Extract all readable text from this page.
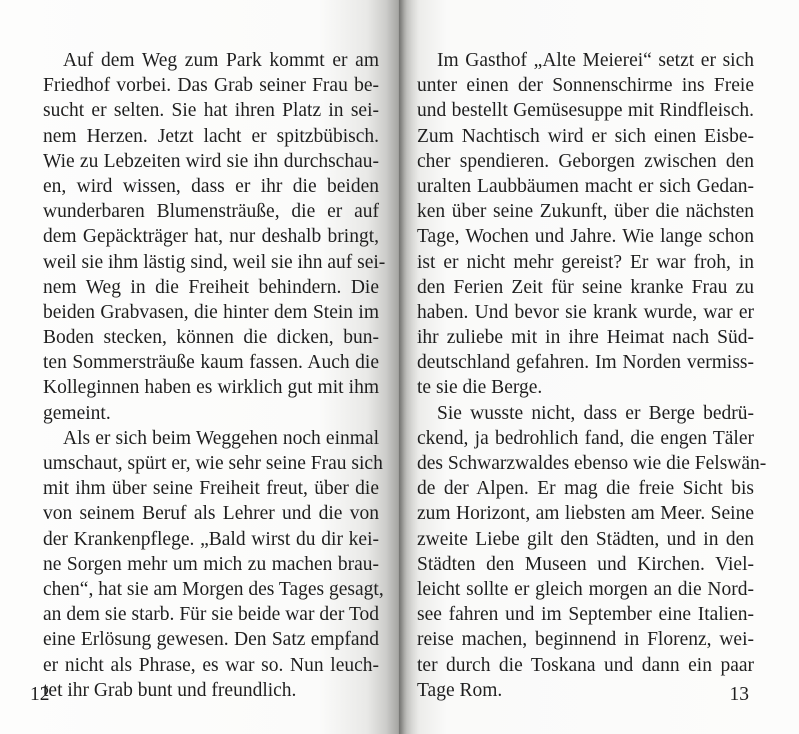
Auf dem Weg zum Park kommt er am
Friedhof vorbei. Das Grab seiner Frau be-
sucht er selten. Sie hat ihren Platz in sei-
nem Herzen. Jetzt lacht er spitzbübisch.
Wie zu Lebzeiten wird sie ihn durchschau-
en, wird wissen, dass er ihr die beiden
wunderbaren Blumensträuße, die er auf
dem Gepäckträger hat, nur deshalb bringt,
weil sie ihm lästig sind, weil sie ihn auf sei-
nem Weg in die Freiheit behindern. Die
beiden Grabvasen, die hinter dem Stein im
Boden stecken, können die dicken, bun-
ten Sommersträuße kaum fassen. Auch die
Kolleginnen haben es wirklich gut mit ihm
gemeint.
Als er sich beim Weggehen noch einmal
umschaut, spürt er, wie sehr seine Frau sich
mit ihm über seine Freiheit freut, über die
von seinem Beruf als Lehrer und die von
der Krankenpflege. „Bald wirst du dir kei-
ne Sorgen mehr um mich zu machen brau-
chen“, hat sie am Morgen des Tages gesagt,
an dem sie starb. Für sie beide war der Tod
eine Erlösung gewesen. Den Satz empfand
er nicht als Phrase, es war so. Nun leuch-
tet ihr Grab bunt und freundlich.
12
Im Gasthof „Alte Meierei“ setzt er sich
unter einen der Sonnenschirme ins Freie
und bestellt Gemüsesuppe mit Rindfleisch.
Zum Nachtisch wird er sich einen Eisbe-
cher spendieren. Geborgen zwischen den
uralten Laubbäumen macht er sich Gedan-
ken über seine Zukunft, über die nächsten
Tage, Wochen und Jahre. Wie lange schon
ist er nicht mehr gereist? Er war froh, in
den Ferien Zeit für seine kranke Frau zu
haben. Und bevor sie krank wurde, war er
ihr zuliebe mit in ihre Heimat nach Süd-
deutschland gefahren. Im Norden vermiss-
te sie die Berge.
Sie wusste nicht, dass er Berge bedrü-
ckend, ja bedrohlich fand, die engen Täler
des Schwarzwaldes ebenso wie die Felswän-
de der Alpen. Er mag die freie Sicht bis
zum Horizont, am liebsten am Meer. Seine
zweite Liebe gilt den Städten, und in den
Städten den Museen und Kirchen. Viel-
leicht sollte er gleich morgen an die Nord-
see fahren und im September eine Italien-
reise machen, beginnend in Florenz, wei-
ter durch die Toskana und dann ein paar
Tage Rom.	13
